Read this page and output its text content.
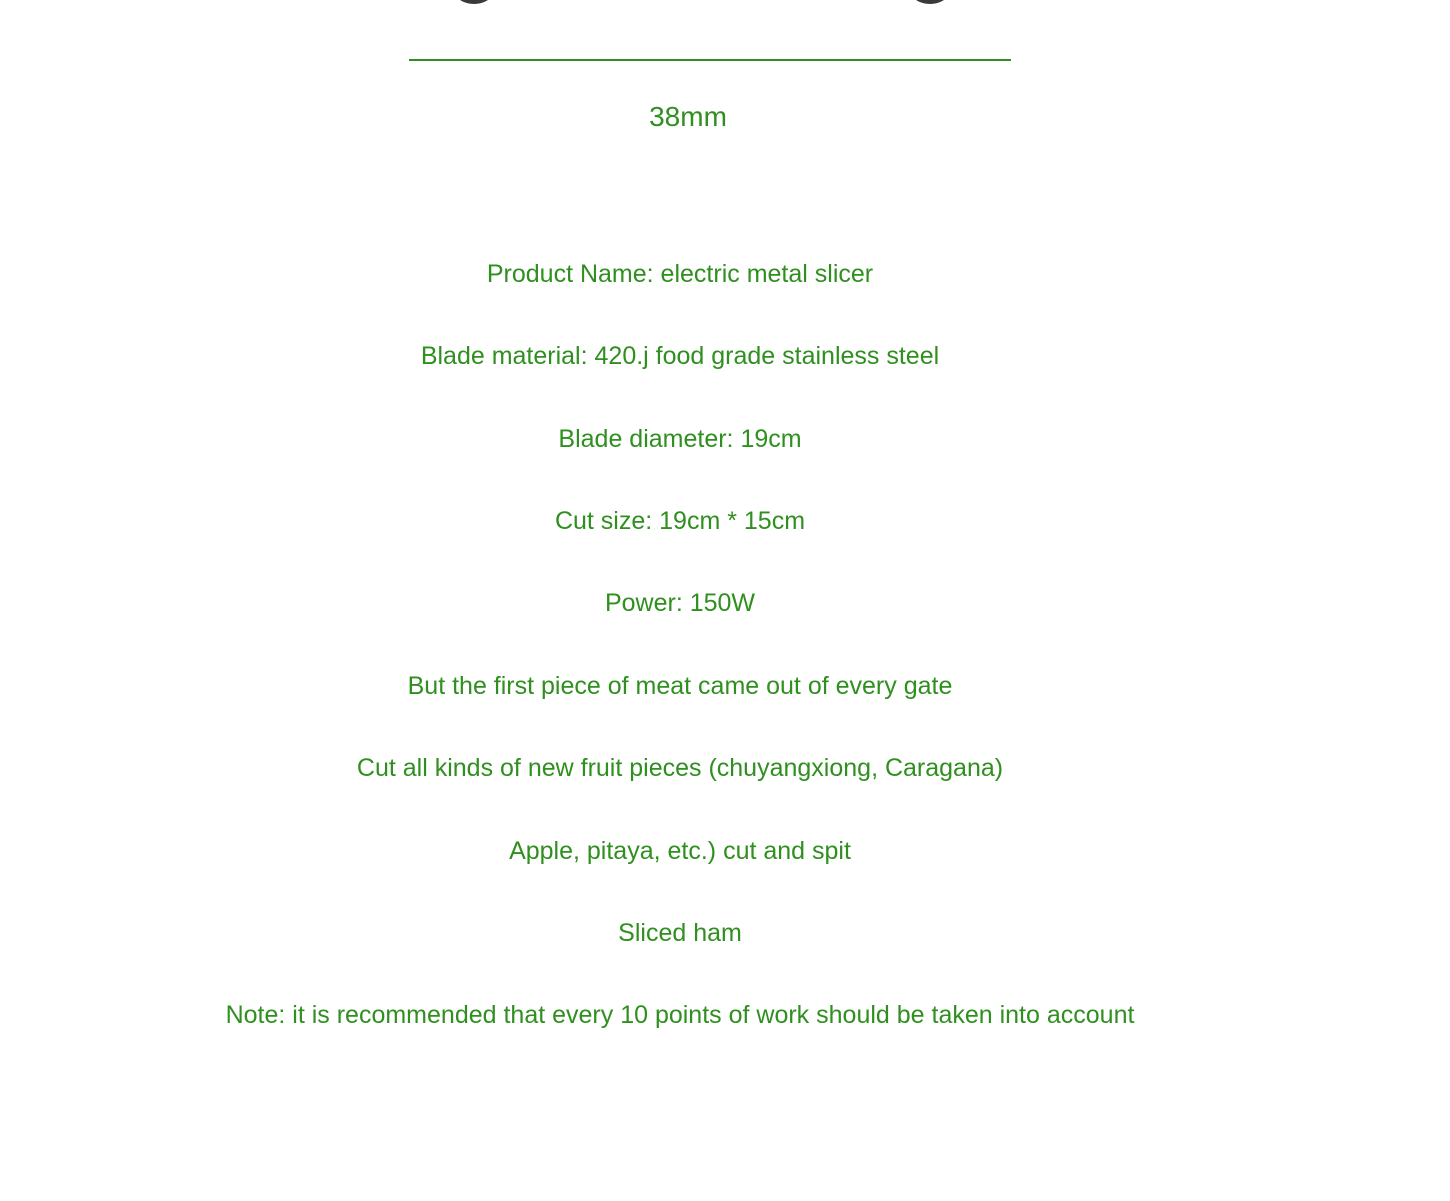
38mm
Product Name: electric metal slicer
Blade material: 420.j food grade stainless steel
Blade diameter: 19cm
Cut size: 19cm * 15cm
Power: 150W
But the first piece of meat came out of every gate
Cut all kinds of new fruit pieces (chuyangxiong, Caragana)
Apple, pitaya, etc.) cut and spit
Sliced ham
Note: it is recommended that every 10 points of work should be taken into account
